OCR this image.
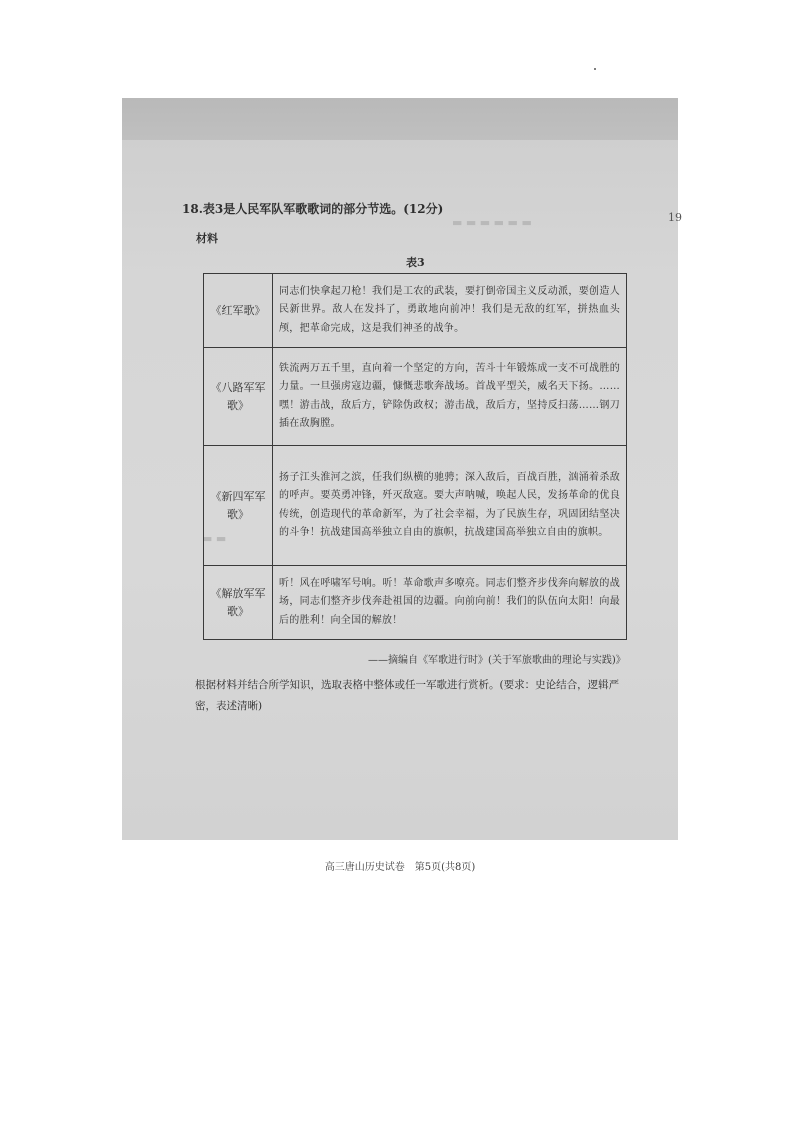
▬ ▬ ▬ ▬ ▬ ▬
▬ ▬
18.表3是人民军队军歌歌词的部分节选。(12分)
19
材料
表3
《红军歌》	同志们快拿起刀枪！我们是工农的武装，要打倒帝国主义反动派，要创造人民新世界。敌人在发抖了，勇敢地向前冲！我们是无敌的红军，拼热血头颅，把革命完成，这是我们神圣的战争。
《八路军军歌》	铁流两万五千里，直向着一个坚定的方向，苦斗十年锻炼成一支不可战胜的力量。一旦强虏寇边疆，慷慨悲歌奔战场。首战平型关，威名天下扬。……嘿！游击战，敌后方，铲除伪政权；游击战，敌后方，坚持反扫荡……钢刀插在敌胸膛。
《新四军军歌》	扬子江头淮河之滨，任我们纵横的驰骋；深入敌后，百战百胜，汹涌着杀敌的呼声。要英勇冲锋，歼灭敌寇。要大声呐喊，唤起人民，发扬革命的优良传统，创造现代的革命新军，为了社会幸福，为了民族生存，巩固团结坚决的斗争！抗战建国高举独立自由的旗帜，抗战建国高举独立自由的旗帜。
《解放军军歌》	听！风在呼啸军号响。听！革命歌声多嘹亮。同志们整齐步伐奔向解放的战场，同志们整齐步伐奔赴祖国的边疆。向前向前！我们的队伍向太阳！向最后的胜利！向全国的解放！
——摘编自《军歌进行时》(关于军旅歌曲的理论与实践)》
根据材料并结合所学知识，选取表格中整体或任一军歌进行赏析。(要求：史论结合，逻辑严密，表述清晰)
高三唐山历史试卷　第5页(共8页)
